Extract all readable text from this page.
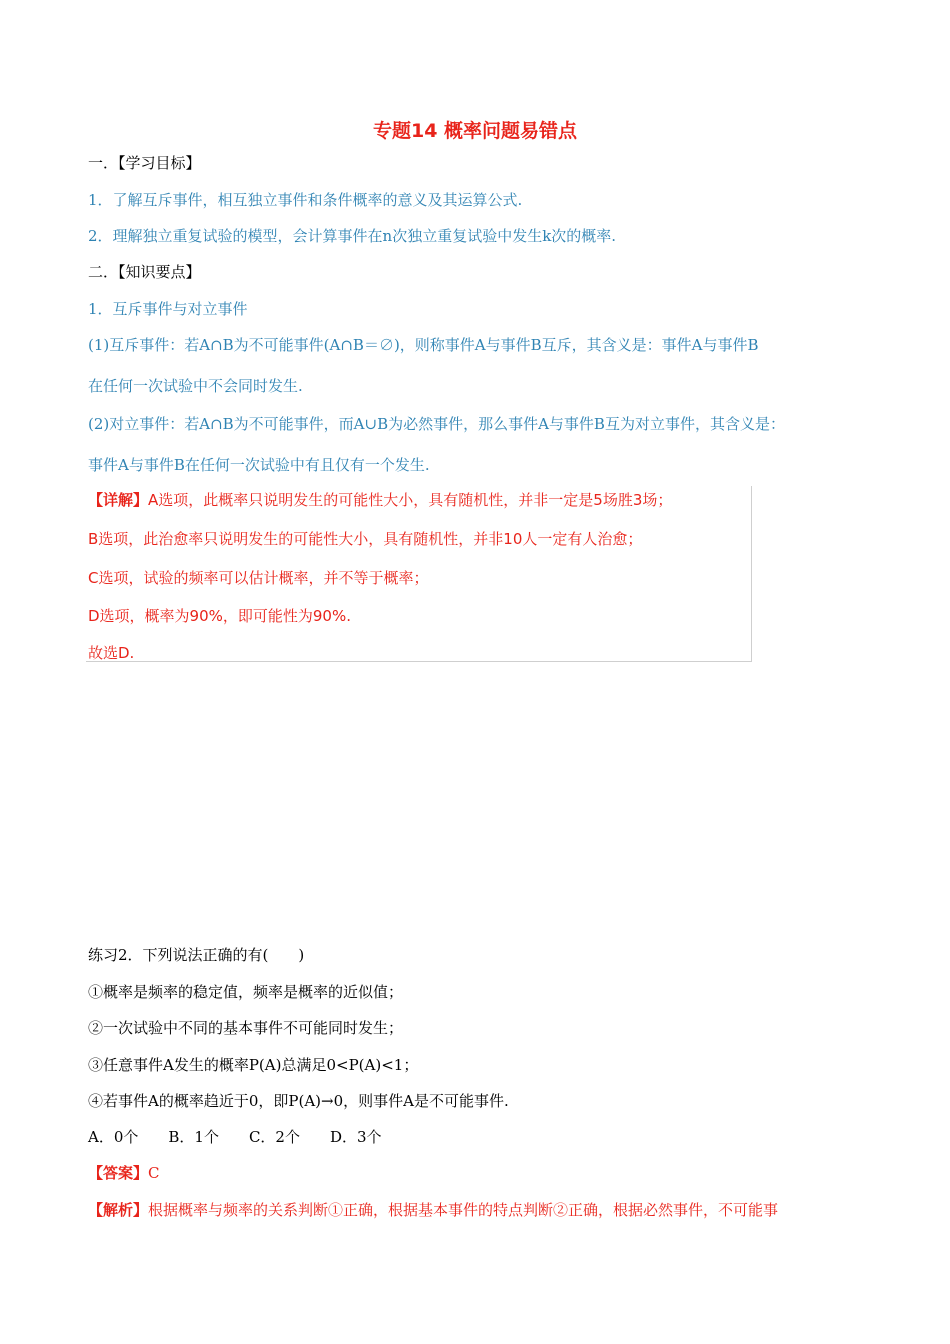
专题14 概率问题易错点
一．【学习目标】
1．了解互斥事件，相互独立事件和条件概率的意义及其运算公式.
2．理解独立重复试验的模型，会计算事件在n次独立重复试验中发生k次的概率.
二．【知识要点】
1．互斥事件与对立事件
(1)互斥事件：若A∩B为不可能事件(A∩B＝∅)，则称事件A与事件B互斥，其含义是：事件A与事件B
在任何一次试验中不会同时发生.
(2)对立事件：若A∩B为不可能事件，而A∪B为必然事件，那么事件A与事件B互为对立事件，其含义是：
事件A与事件B在任何一次试验中有且仅有一个发生.
【详解】A选项，此概率只说明发生的可能性大小，具有随机性，并非一定是5场胜3场；
B选项，此治愈率只说明发生的可能性大小，具有随机性，并非10人一定有人治愈；
C选项，试验的频率可以估计概率，并不等于概率；
D选项，概率为90%，即可能性为90%.
故选D.
练习2．下列说法正确的有(　　)
①概率是频率的稳定值，频率是概率的近似值；
②一次试验中不同的基本事件不可能同时发生；
③任意事件A发生的概率P(A)总满足0<P(A)<1；
④若事件A的概率趋近于0，即P(A)→0，则事件A是不可能事件.
A．0个　　B．1个　　C．2个　　D．3个
【答案】C
【解析】根据概率与频率的关系判断①正确，根据基本事件的特点判断②正确，根据必然事件，不可能事
